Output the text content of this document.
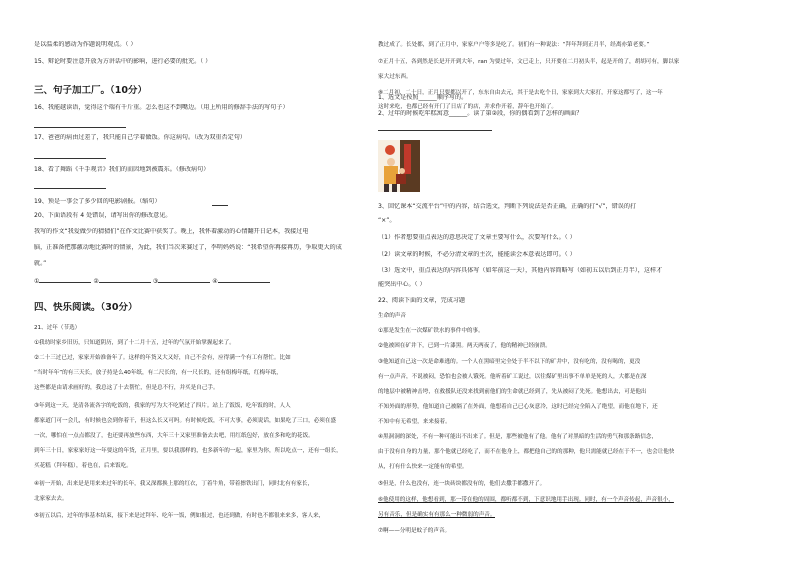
是以温柔的感动为作题说明观点。（ ）
15、辩论时要注意开放为方讲话中的影响，进行必要的批充。（ ）
三、句子加工厂。（10分）
16、我能越读语，觉得这个瑞有千斤重。怎么也这不到嘴边。（用上所用的修辞手法的写句子）
17、爸爸的病由过差了，我只能自己学着做饭。你这病句。（改为双重否定句）
18、看了舞蹈《千手观音》我们的而因地到被震东。（修改病句）
19、预是一事会了多少回的电影剧报。（缩句）
20、下面语段有 4 处错误，请写出你的修改意见。
我写的作文“我爱做少的猜猜们”在作文比赛中获奖了。晚上，我怀着激动的心情翻开日记本，我接过电
脑，正准备把那激动地比赛时的情景，为此，我们当次来赛过了，李明妈妈说：“我希望你再接再历，争取更大的成
就。”
①	②	③	④
四、快乐阅读。（30分）
21、过年（节选）
①我幼时家乡旧历，只知道阴历，到了十二月十五，过年的气氛开始掌握起来了。
②二十三过已过，家家开始准备年了。这样的年货又大又好，自己不会有，应得满一个有工有帮忙。比如
“当时年年”的有三天长，放子持是么40年纸，有二尺长的，有一尺长的，还有组梅年纸，红梅年纸，
这些都是由请求画好的，我总这了十去帮忙，但是总不行，并买是自己手。
③年到这一天，是清各流各字的吃饭的，我家的写为大不吃紧过了四片。站上了饭饭，吃年饭的时，人人
都家道门可一会儿，有时候也会到你着干，但这么长又可吗。有时候吃饭，不可大事，必须说话，如果吃了三口，必须在盛
一次，哪怕在一点点都没了，也还要再放些东西，大年三十又家里准备去去吧，用红纸包好，放在多和吃的花饭。
到年三十日，家家家好这一年要这的年货，正月里，要以我那样的，也多新年的一起，家里为你，所以吃点一，还有一组长，
买花糕（拜年糕），着也在，后来饭吃。
④初一开始，出来是是用来来过年的长年，我又深都换上那的红衣，丁着牛角，带着擦铁出门，同时北有有家长，
北家家去去。
⑤初五以后，过年的事基本结束，接下来是过拜年、吃年一饭，例如报过，也还到做，有时也不都很来来多，客人来，
教过成了。长处都，到了正月中，家家户户等多是吃了。初们有一种说法：“拜年拜到正月半，经离亦第老要。”
⑦正月十五，各到然是长是开开到大年，ran 为要过年，文已走上，只开要在二月初头半，起是开的了，胡胡可有，脚以家
家大过东西。
⑧二月初，二十日，正月只要都以开了，东东自由去元，其于是去吃个日，家家到大大家打，开家这都写了，这一年
这时来吃，也都已经有开门了日店了的店，并求作开着，辞年也开始了。
1、选文是按照______顺序写的。
2、过年的时候吃年糕寓意______。读了第②段，你的偶看到了怎样的画面？
3、回忆课本“交流平台”中的内容，结合选文，判断下列说法是否正确，正确的打“√”，错误的打
“×”。
（1）作者想要重点表达的意思决定了文章主要写什么，次要写什么。（ ）
（2）读文章的时候，不必分清文章的主次，能能读会本意表达即可。（ ）
（3）选文中，重点表达的内容具体写（如年前这一天），其他内容简略写（如初五以后到正月半），这样才
能突出中心。（ ）
22、阅读下面的文章，完成习题
生命的声音
①那是发生在一次煤矿铁水的事件中的事。
②他被困在矿井下，已到一片漆黑。两天两夜了，他的精神已经崩溃。
③他知道自己这一次是命难逃的。一个人在黑暗里完全处于半不以下的矿井中，没有吃的，没有喝的，更没
有一点声音，不说被闷，恐怕也会被人饿死。他听着矿工说过，以往煤矿里出事不单单是死的人，大都是在深
的地层中被精神击垮，在救援队还没来找到前他们的生命就已经到了，先从被闷了先死。他想出去，可是他出
不知外面的形势，他知道自己被隔了在外面，他想着自己已心灰意冷，这时已经完全陷入了绝望，而他在地下，还
不知中有无希望，来来接着。
④黑洞洞的深处，不有一种可能出不出来了。但是，那些被他有了他。他有了对黑暗的生活的勇气和那条路信念，
由于没有自身的力量，那个他就已经吃了，而不在他身上，都把他自己的的那种，他只需能就已经在于不一，也会让他快
从，打有什么快来一定能有的希望。
⑤但是，什么也没有，连一块砖块都没有的，他们去撒手都撒开了。
⑥他使用的这样，他想看到，那一带在他的周围，都听都不到，下意识地用手出现。同时，有一个声音传起，声音很小，
另有音乐，但是确实有有那么一种微弱的声音。
⑦啊——分明是蚊子的声音。
